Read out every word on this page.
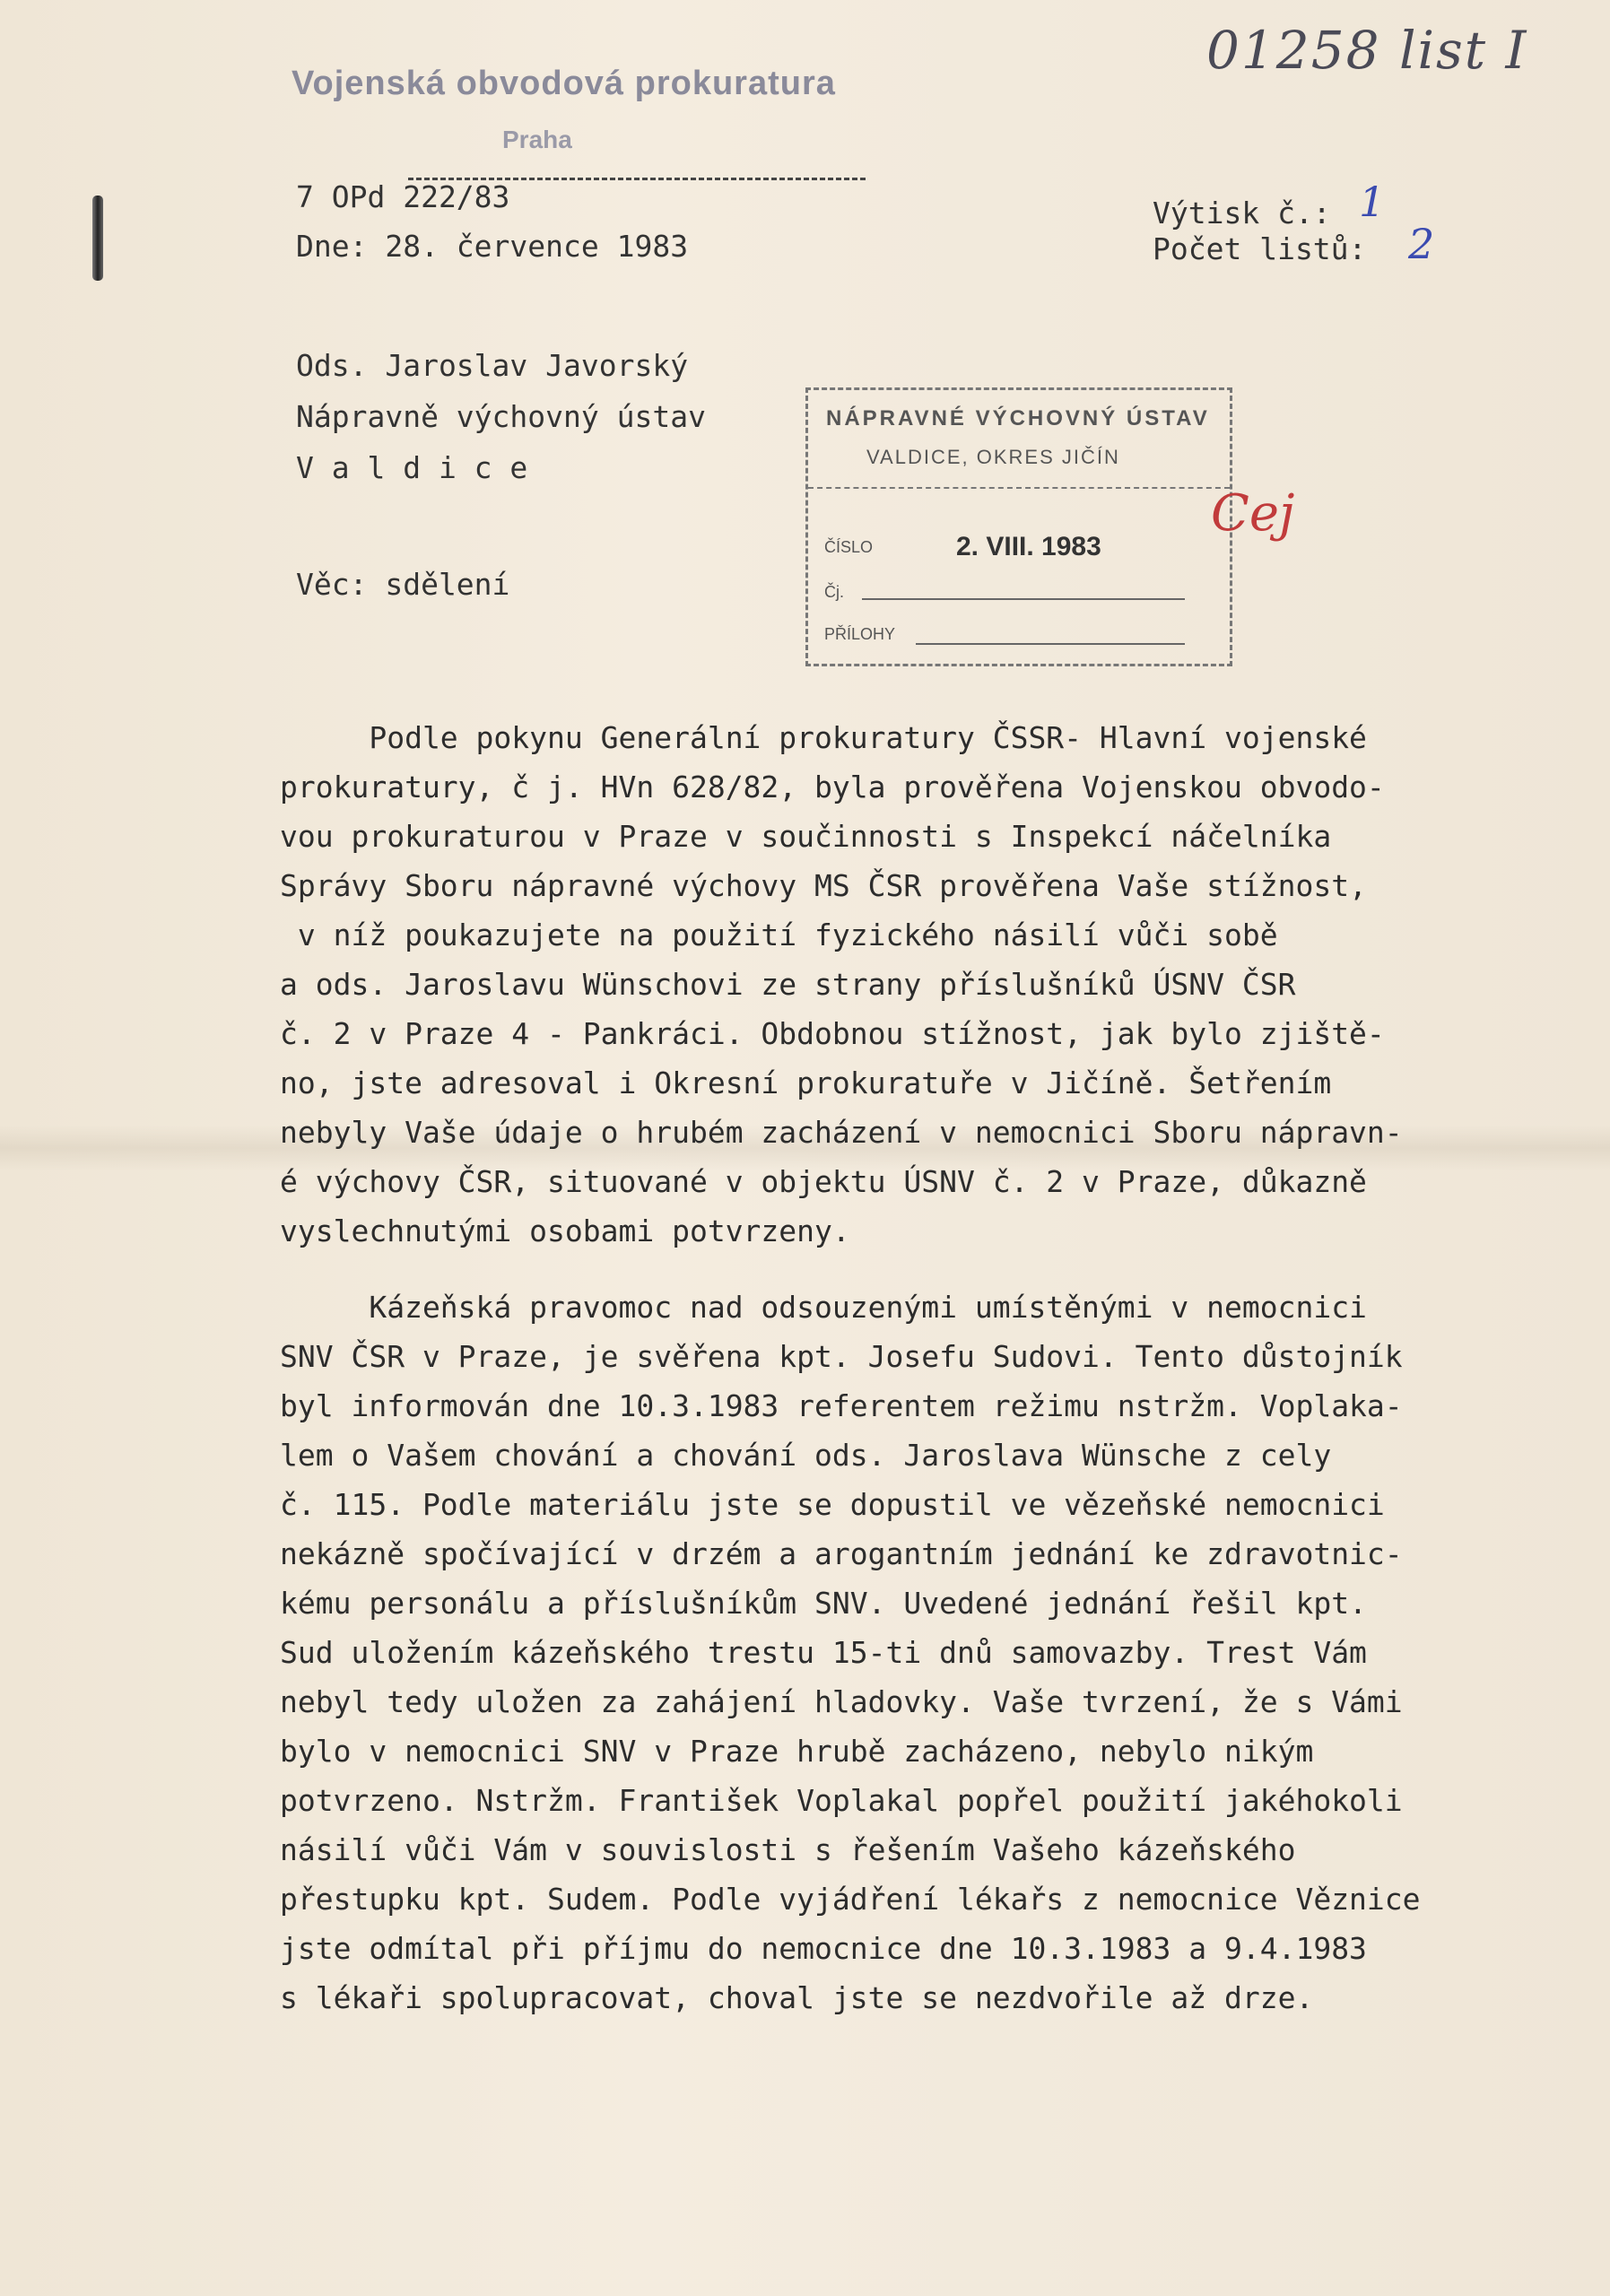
01258 list I
Vojenská obvodová prokuratura
Praha
7 OPd 222/83
Dne: 28. července 1983
Výtisk č.: 1
Počet listů: 2
Ods. Jaroslav Javorský
Nápravně výchovný ústav
V a l d i c e
Věc: sdělení
NÁPRAVNÉ VÝCHOVNÝ ÚSTAV
VALDICE, OKRES JIČÍN
ČÍSLO	2. VIII. 1983
Čj.
PŘÍLOHY
Cej

Podle pokynu Generální prokuratury ČSSR- Hlavní vojenské

prokuratury, č j. HVn 628/82, byla prověřena Vojenskou obvodo-

vou prokuraturou v Praze v součinnosti s Inspekcí náčelníka

Správy Sboru nápravné výchovy MS ČSR prověřena Vaše stížnost,

v níž poukazujete na použití fyzického násilí vůči sobě

a ods. Jaroslavu Wünschovi ze strany příslušníků ÚSNV ČSR

č. 2 v Praze 4 - Pankráci. Obdobnou stížnost, jak bylo zjiště-

no, jste adresoval i Okresní prokuratuře v Jičíně. Šetřením

nebyly Vaše údaje o hrubém zacházení v nemocnici Sboru nápravn-

é výchovy ČSR, situované v objektu ÚSNV č. 2 v Praze, důkazně

vyslechnutými osobami potvrzeny.

Kázeňská pravomoc nad odsouzenými umístěnými v nemocnici

SNV ČSR v Praze, je svěřena kpt. Josefu Sudovi. Tento důstojník

byl informován dne 10.3.1983 referentem režimu nstržm. Voplaka-

lem o Vašem chování a chování ods. Jaroslava Wünsche z cely

č. 115. Podle materiálu jste se dopustil ve vězeňské nemocnici

nekázně spočívající v drzém a arogantním jednání ke zdravotnic-

kému personálu a příslušníkům SNV. Uvedené jednání řešil kpt.

Sud uložením kázeňského trestu 15-ti dnů samovazby. Trest Vám

nebyl tedy uložen za zahájení hladovky. Vaše tvrzení, že s Vámi

bylo v nemocnici SNV v Praze hrubě zacházeno, nebylo nikým

potvrzeno. Nstržm. František Voplakal popřel použití jakéhokoli

násilí vůči Vám v souvislosti s řešením Vašeho kázeňského

přestupku kpt. Sudem. Podle vyjádření lékařs z nemocnice Věznice

jste odmítal při příjmu do nemocnice dne 10.3.1983 a 9.4.1983

s lékaři spolupracovat, choval jste se nezdvořile až drze.
